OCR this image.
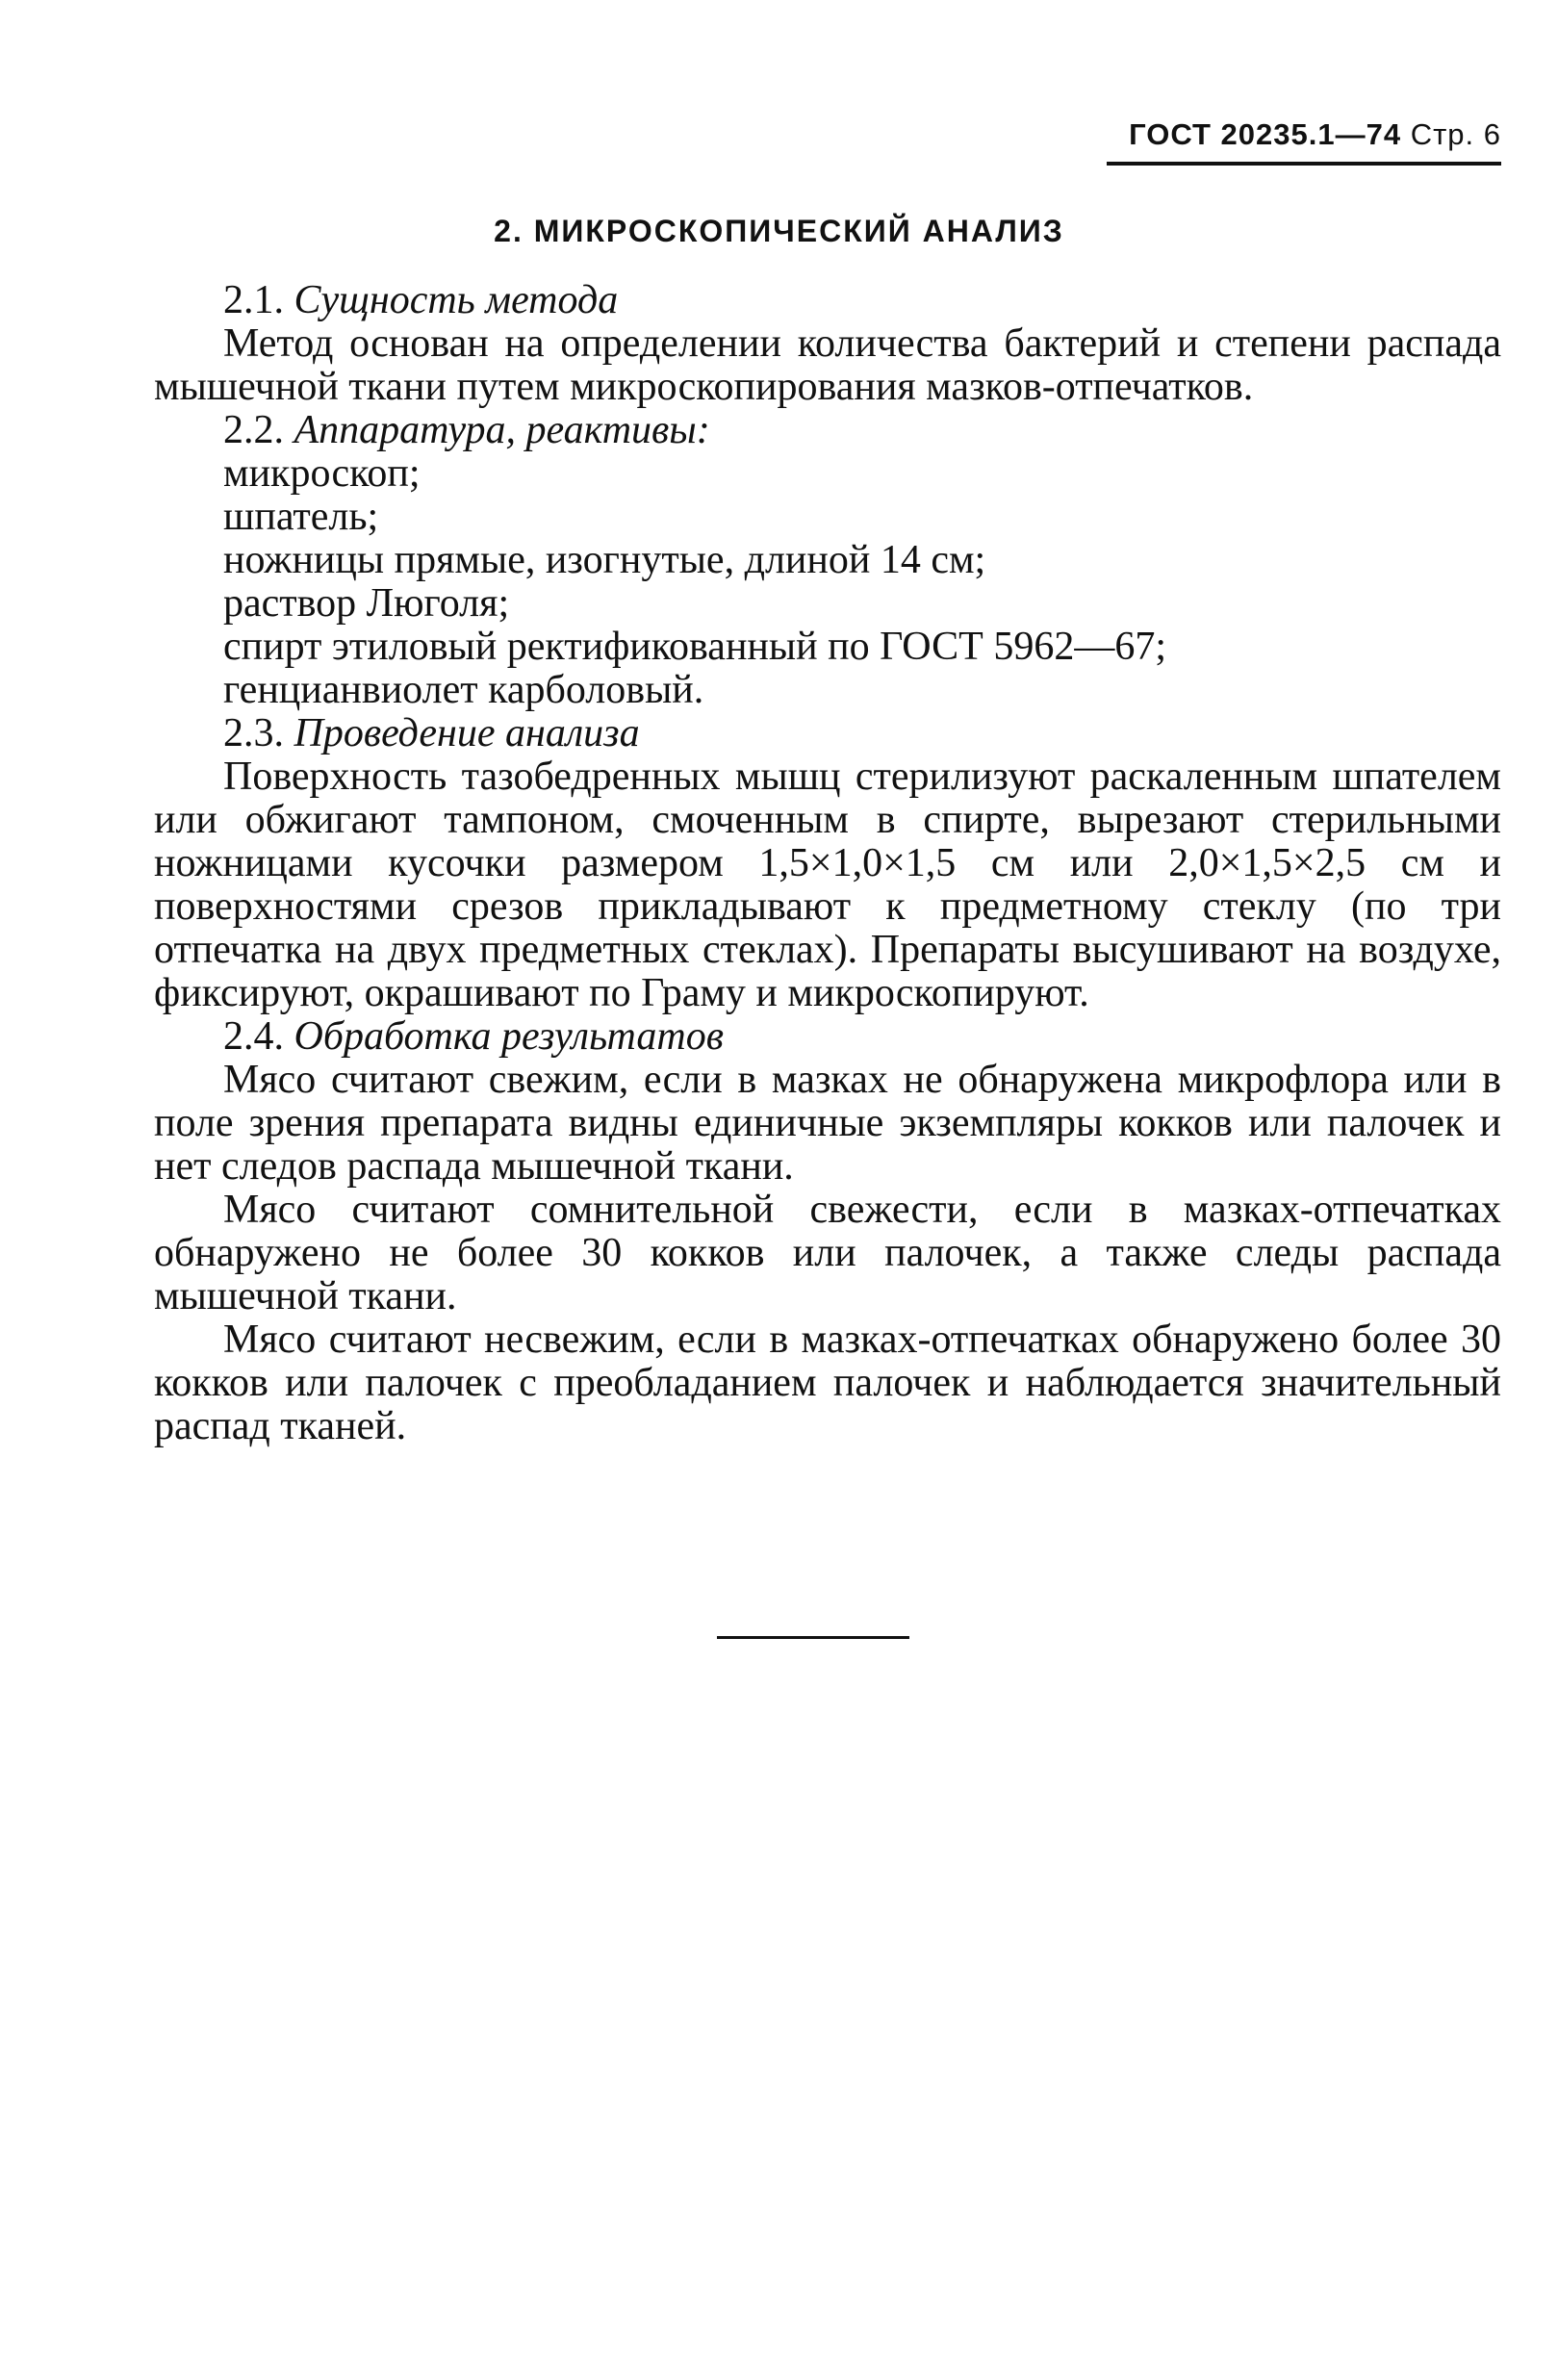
ГОСТ 20235.1—74 Стр. 6
2. МИКРОСКОПИЧЕСКИЙ АНАЛИЗ

2.1. Сущность метода

Метод основан на определении количества бактерий и степени распада мышечной ткани путем микроскопирования мазков-отпечатков.

2.2. Аппаратура, реактивы:

микроскоп;

шпатель;

ножницы прямые, изогнутые, длиной 14 см;

раствор Люголя;

спирт этиловый ректификованный по ГОСТ 5962—67;

генцианвиолет карболовый.

2.3. Проведение анализа

Поверхность тазобедренных мышц стерилизуют раскаленным шпателем или обжигают тампоном, смоченным в спирте, вырезают стерильными ножницами кусочки размером 1,5×1,0×1,5 см или 2,0×1,5×2,5 см и поверхностями срезов прикладывают к предметному стеклу (по три отпечатка на двух предметных стеклах). Препараты высушивают на воздухе, фиксируют, окрашивают по Граму и микроскопируют.

2.4. Обработка результатов

Мясо считают свежим, если в мазках не обнаружена микрофлора или в поле зрения препарата видны единичные экземпляры кокков или палочек и нет следов распада мышечной ткани.

Мясо считают сомнительной свежести, если в мазках-отпечатках обнаружено не более 30 кокков или палочек, а также следы распада мышечной ткани.

Мясо считают несвежим, если в мазках-отпечатках обнаружено более 30 кокков или палочек с преобладанием палочек и наблюдается значительный распад тканей.
